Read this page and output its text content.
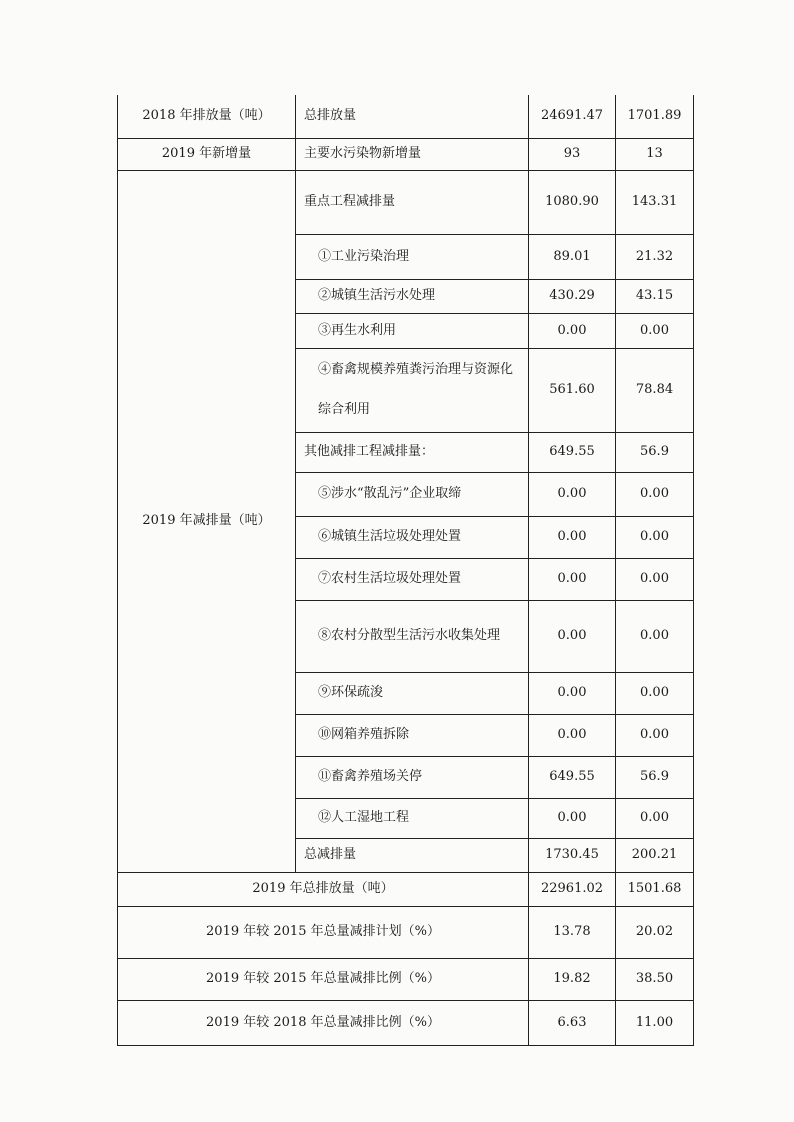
2018 年排放量（吨）	总排放量	24691.47	1701.89
2019 年新增量	主要水污染物新增量	93	13
2019 年减排量（吨）	重点工程减排量	1080.90	143.31
	①工业污染治理	89.01	21.32
	②城镇生活污水处理	430.29	43.15
	③再生水利用	0.00	0.00
	④畜禽规模养殖粪污治理与资源化综合利用	561.60	78.84
	其他减排工程减排量：	649.55	56.9
	⑤涉水“散乱污”企业取缔	0.00	0.00
	⑥城镇生活垃圾处理处置	0.00	0.00
	⑦农村生活垃圾处理处置	0.00	0.00
	⑧农村分散型生活污水收集处理	0.00	0.00
	⑨环保疏浚	0.00	0.00
	⑩网箱养殖拆除	0.00	0.00
	⑪畜禽养殖场关停	649.55	56.9
	⑫人工湿地工程	0.00	0.00
	总减排量	1730.45	200.21
2019 年总排放量（吨）		22961.02	1501.68
2019 年较 2015 年总量减排计划（%）		13.78	20.02
2019 年较 2015 年总量减排比例（%）		19.82	38.50
2019 年较 2018 年总量减排比例（%）		6.63	11.00
